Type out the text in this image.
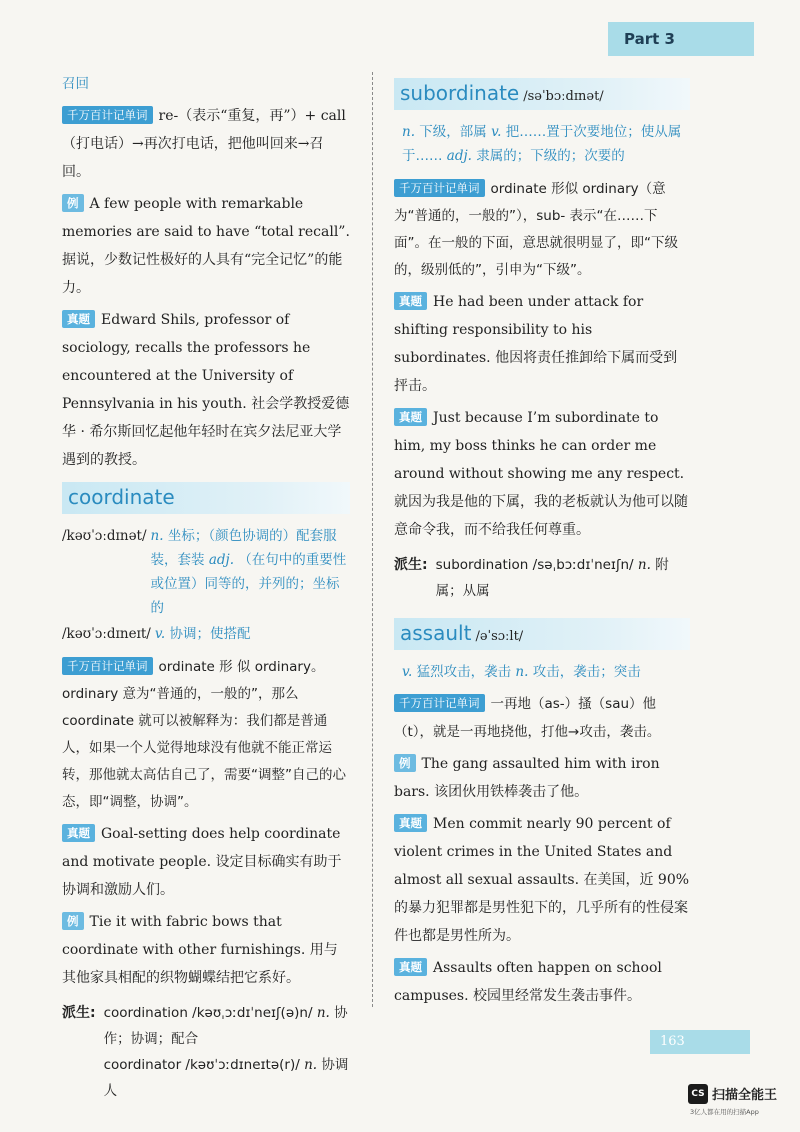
Part 3

召回

千万百计记单词 re-（表示“重复，再”）+ call（打电话）→再次打电话，把他叫回来→召回。

例 A few people with remarkable memories are said to have “total recall”. 据说，少数记性极好的人具有“完全记忆”的能力。

真题 Edward Shils, professor of sociology, recalls the professors he encountered at the University of Pennsylvania in his youth. 社会学教授爱德华 · 希尔斯回忆起他年轻时在宾夕法尼亚大学遇到的教授。

coordinate
/kəʊˈɔːdɪnət/ n. 坐标；（颜色协调的）配套服装，套装 adj. （在句中的重要性或位置）同等的，并列的；坐标的
/kəʊˈɔːdɪneɪt/ v. 协调；使搭配

千万百计记单词 ordinate 形 似 ordinary。ordinary 意为“普通的，一般的”，那么 coordinate 就可以被解释为：我们都是普通人，如果一个人觉得地球没有他就不能正常运转，那他就太高估自己了，需要“调整”自己的心态，即“调整，协调”。

真题 Goal-setting does help coordinate and motivate people. 设定目标确实有助于协调和激励人们。

例 Tie it with fabric bows that coordinate with other furnishings. 用与其他家具相配的织物蝴蝶结把它系好。

派生: coordination /kəʊˌɔːdɪˈneɪʃ(ə)n/ n. 协作；协调；配合
coordinator /kəʊˈɔːdɪneɪtə(r)/ n. 协调人
subordinate /səˈbɔːdɪnət/

n. 下级，部属 v. 把……置于次要地位；使从属于…… adj. 隶属的；下级的；次要的

千万百计记单词 ordinate 形似 ordinary（意为“普通的，一般的”），sub- 表示“在……下面”。在一般的下面，意思就很明显了，即“下级的，级别低的”，引申为“下级”。

真题 He had been under attack for shifting responsibility to his subordinates. 他因将责任推卸给下属而受到抨击。

真题 Just because I’m subordinate to him, my boss thinks he can order me around without showing me any respect. 就因为我是他的下属，我的老板就认为他可以随意命令我，而不给我任何尊重。

派生: subordination /səˌbɔːdɪˈneɪʃn/ n. 附属；从属
assault /əˈsɔːlt/

v. 猛烈攻击，袭击 n. 攻击，袭击；突击

千万百计记单词 一再地（as-）搔（sau）他（t），就是一再地挠他，打他→攻击，袭击。

例 The gang assaulted him with iron bars. 该团伙用铁棒袭击了他。

真题 Men commit nearly 90 percent of violent crimes in the United States and almost all sexual assaults. 在美国，近 90% 的暴力犯罪都是男性犯下的，几乎所有的性侵案件也都是男性所为。

真题 Assaults often happen on school campuses. 校园里经常发生袭击事件。

163
CS 扫描全能王
3亿人都在用的扫描App
